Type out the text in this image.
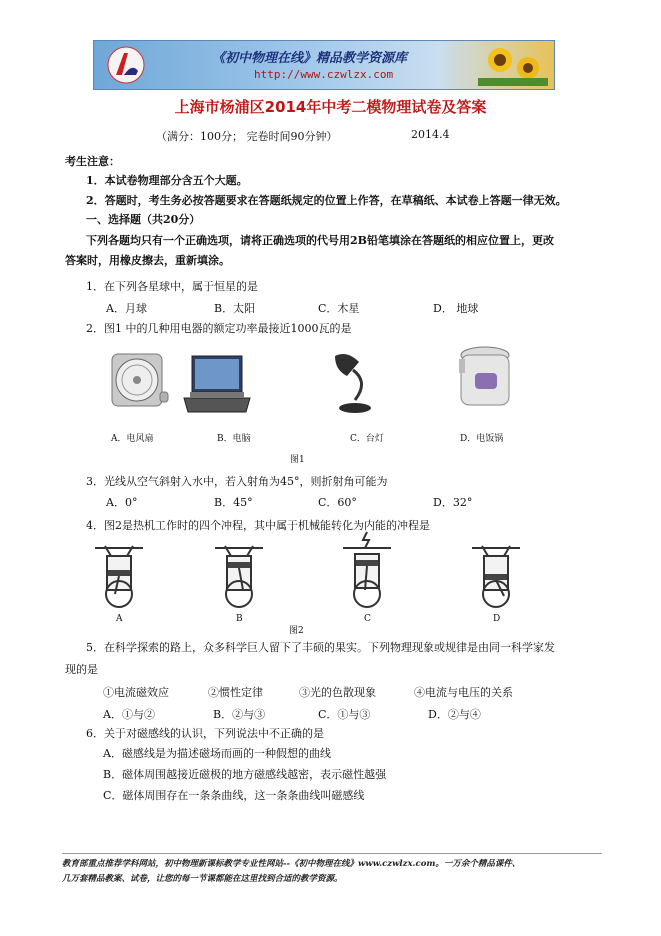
《初中物理在线》精品教学资源库
http://www.czwlzx.com
上海市杨浦区2014年中考二模物理试卷及答案
（满分：100分； 完卷时间90分钟）	2014.4
考生注意：
1．本试卷物理部分含五个大题。
2．答题时，考生务必按答题要求在答题纸规定的位置上作答，在草稿纸、本试卷上答题一律无效。
一、选择题（共20分）
下列各题均只有一个正确选项，请将正确选项的代号用2B铅笔填涂在答题纸的相应位置上，更改
答案时，用橡皮擦去，重新填涂。
1．在下列各星球中，属于恒星的是
A．月球	B．太阳	C．木星	D． 地球
2．图1 中的几种用电器的额定功率最接近1000瓦的是
A．电风扇	B．电脑	C．台灯	D．电饭锅
图1
3．光线从空气斜射入水中，若入射角为45°，则折射角可能为
A．0°	B．45°	C．60°	D．32°
4．图2是热机工作时的四个冲程，其中属于机械能转化为内能的冲程是
A	B	C	D
图2
5．在科学探索的路上，众多科学巨人留下了丰硕的果实。下列物理现象或规律是由同一科学家发
现的是
①电流磁效应	②惯性定律	③光的色散现象	④电流与电压的关系
A．①与②	B．②与③	C．①与③	D．②与④
6．关于对磁感线的认识，下列说法中不正确的是
A．磁感线是为描述磁场而画的一种假想的曲线
B．磁体周围越接近磁极的地方磁感线越密，表示磁性越强
C．磁体周围存在一条条曲线，这一条条曲线叫磁感线
教育部重点推荐学科网站，初中物理新课标教学专业性网站--《初中物理在线》www.czwlzx.com。一万余个精品课件、
几万套精品教案、试卷，让您的每一节课都能在这里找到合适的教学资源。
